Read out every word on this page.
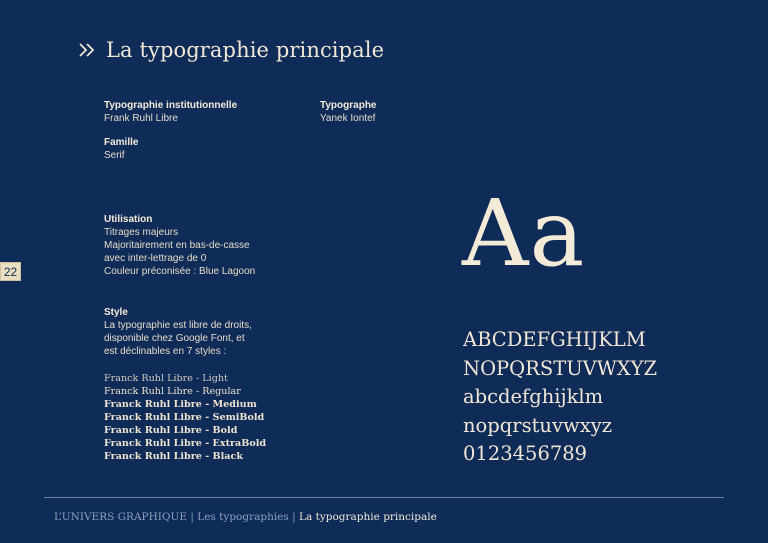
La typographie principale
Typographie institutionnelle
Frank Ruhl Libre
Typographe
Yanek Iontef
Famille
Serif
Utilisation
Titrages majeurs
Majoritairement en bas-de-casse
avec inter-lettrage de 0
Couleur préconisée : Blue Lagoon
22
Style
La typographie est libre de droits,
disponible chez Google Font, et
est déclinables en 7 styles :
Franck Ruhl Libre - Light
Franck Ruhl Libre - Regular
Franck Ruhl Libre - Medium
Franck Ruhl Libre - SemiBold
Franck Ruhl Libre - Bold
Franck Ruhl Libre - ExtraBold
Franck Ruhl Libre - Black
Aa
ABCDEFGHIJKLM
NOPQRSTUVWXYZ
abcdefghijklm
nopqrstuvwxyz
0123456789
L’UNIVERS GRAPHIQUE | Les typographies | La typographie principale
